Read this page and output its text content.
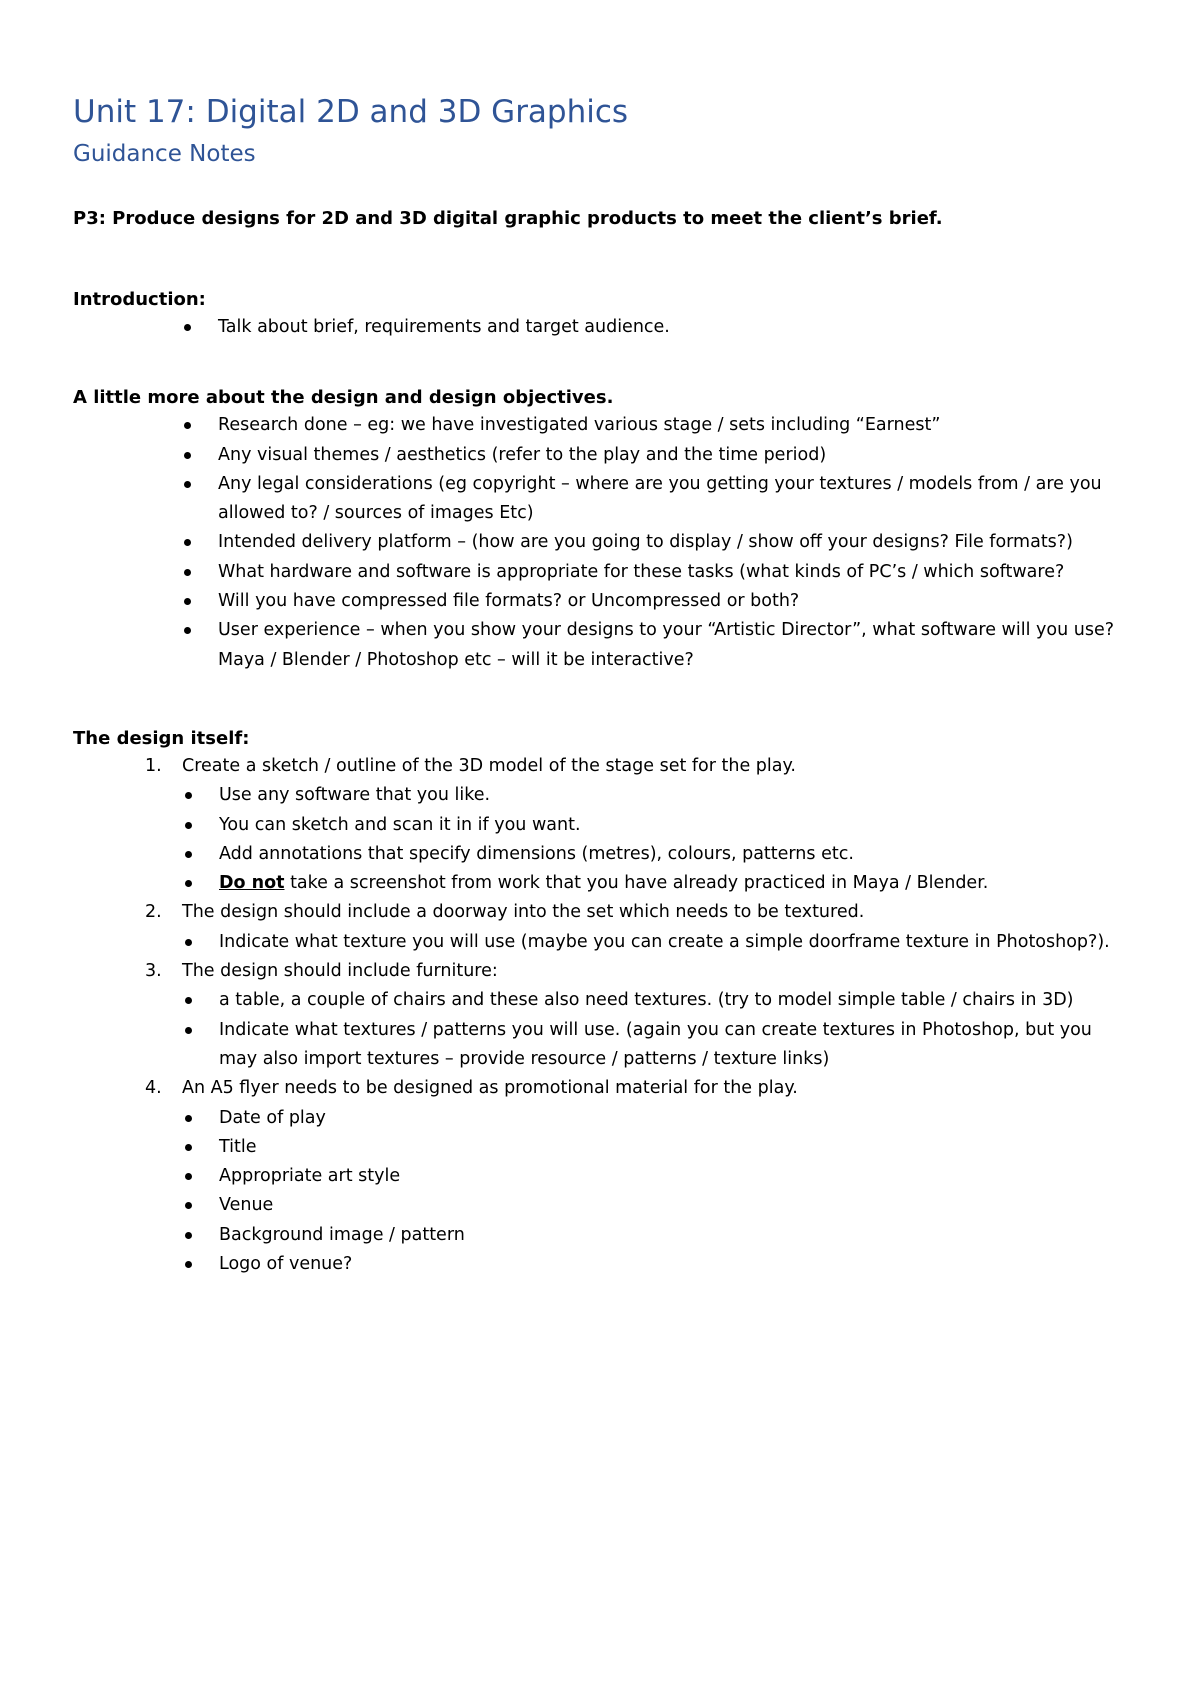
Unit 17: Digital 2D and 3D Graphics
Guidance Notes

P3: Produce designs for 2D and 3D digital graphic products to meet the client’s brief.

Introduction:

Talk about brief, requirements and target audience.

A little more about the design and design objectives.

Research done – eg: we have investigated various stage / sets including “Earnest”
Any visual themes / aesthetics (refer to the play and the time period)
Any legal considerations (eg copyright – where are you getting your textures / models from / are you allowed to? / sources of images Etc)
Intended delivery platform – (how are you going to display / show off your designs? File formats?)
What hardware and software is appropriate for these tasks (what kinds of PC’s / which software?
Will you have compressed file formats? or Uncompressed or both?
User experience – when you show your designs to your “Artistic Director”, what software will you use? Maya / Blender / Photoshop etc – will it be interactive?

The design itself:

1. Create a sketch / outline of the 3D model of the stage set for the play.
Use any software that you like.
You can sketch and scan it in if you want.
Add annotations that specify dimensions (metres), colours, patterns etc.
Do not take a screenshot from work that you have already practiced in Maya / Blender.
2. The design should include a doorway into the set which needs to be textured.
Indicate what texture you will use (maybe you can create a simple doorframe texture in Photoshop?).
3. The design should include furniture:
a table, a couple of chairs and these also need textures. (try to model simple table / chairs in 3D)
Indicate what textures / patterns you will use. (again you can create textures in Photoshop, but you may also import textures – provide resource / patterns / texture links)
4. An A5 flyer needs to be designed as promotional material for the play.
Date of play
Title
Appropriate art style
Venue
Background image / pattern
Logo of venue?
